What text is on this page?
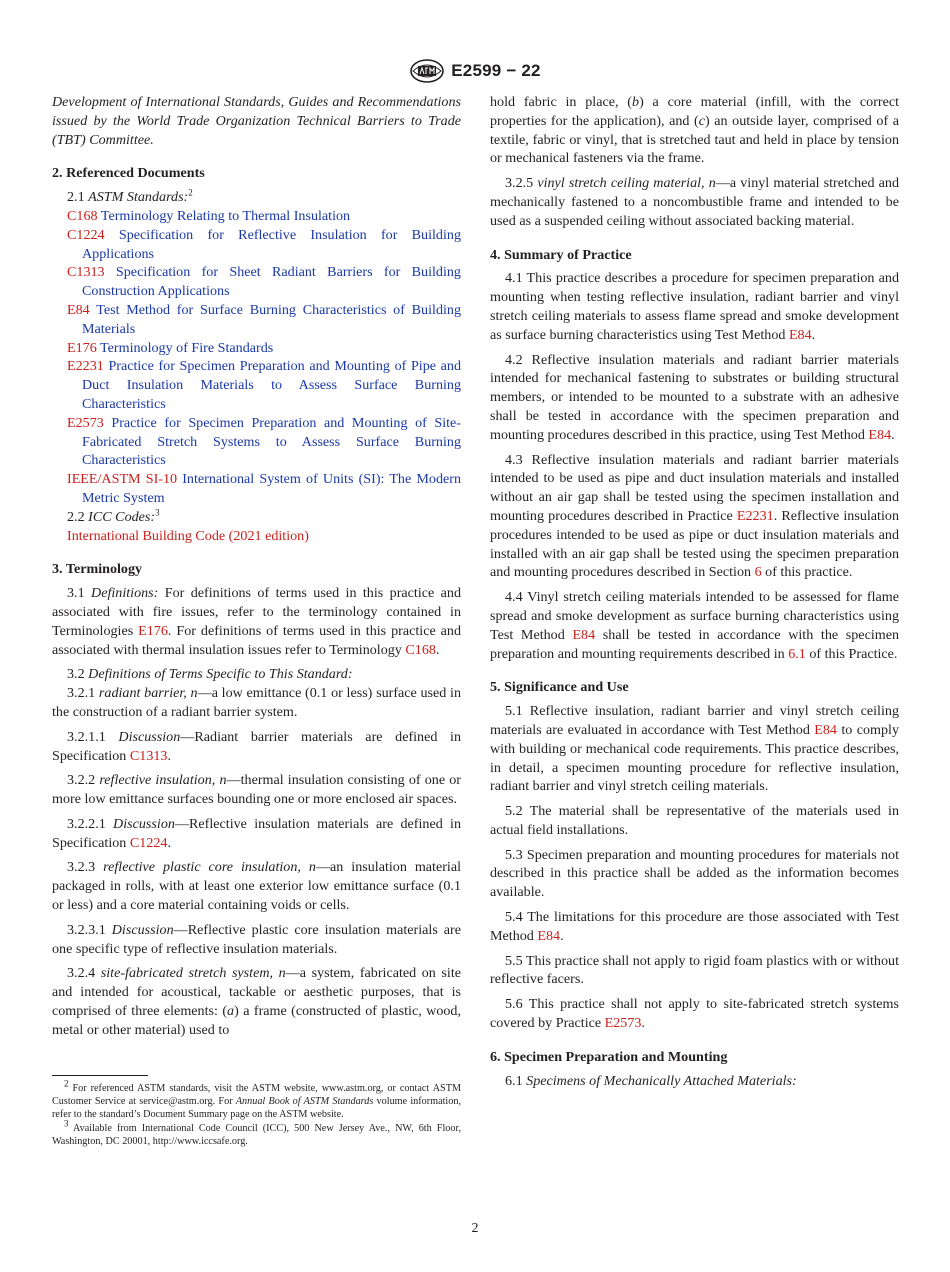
E2599 − 22

Development of International Standards, Guides and Recommendations issued by the World Trade Organization Technical Barriers to Trade (TBT) Committee.

2. Referenced Documents

2.1 ASTM Standards:$^2$

C168 Terminology Relating to Thermal Insulation

C1224 Specification for Reflective Insulation for Building Applications

C1313 Specification for Sheet Radiant Barriers for Building Construction Applications

E84 Test Method for Surface Burning Characteristics of Building Materials

E176 Terminology of Fire Standards

E2231 Practice for Specimen Preparation and Mounting of Pipe and Duct Insulation Materials to Assess Surface Burning Characteristics

E2573 Practice for Specimen Preparation and Mounting of Site-Fabricated Stretch Systems to Assess Surface Burning Characteristics

IEEE/ASTM SI-10 International System of Units (SI): The Modern Metric System

2.2 ICC Codes:$^3$

International Building Code (2021 edition)

3. Terminology

3.1 Definitions: For definitions of terms used in this practice and associated with fire issues, refer to the terminology contained in Terminologies E176. For definitions of terms used in this practice and associated with thermal insulation issues refer to Terminology C168.

3.2 Definitions of Terms Specific to This Standard:

3.2.1 radiant barrier, n—a low emittance (0.1 or less) surface used in the construction of a radiant barrier system.

3.2.1.1 Discussion—Radiant barrier materials are defined in Specification C1313.

3.2.2 reflective insulation, n—thermal insulation consisting of one or more low emittance surfaces bounding one or more enclosed air spaces.

3.2.2.1 Discussion—Reflective insulation materials are defined in Specification C1224.

3.2.3 reflective plastic core insulation, n—an insulation material packaged in rolls, with at least one exterior low emittance surface (0.1 or less) and a core material containing voids or cells.

3.2.3.1 Discussion—Reflective plastic core insulation materials are one specific type of reflective insulation materials.

3.2.4 site-fabricated stretch system, n—a system, fabricated on site and intended for acoustical, tackable or aesthetic purposes, that is comprised of three elements: (a) a frame (constructed of plastic, wood, metal or other material) used to

2 For referenced ASTM standards, visit the ASTM website, www.astm.org, or contact ASTM Customer Service at service@astm.org. For Annual Book of ASTM Standards volume information, refer to the standard’s Document Summary page on the ASTM website.

3 Available from International Code Council (ICC), 500 New Jersey Ave., NW, 6th Floor, Washington, DC 20001, http://www.iccsafe.org.

hold fabric in place, (b) a core material (infill, with the correct properties for the application), and (c) an outside layer, comprised of a textile, fabric or vinyl, that is stretched taut and held in place by tension or mechanical fasteners via the frame.

3.2.5 vinyl stretch ceiling material, n—a vinyl material stretched and mechanically fastened to a noncombustible frame and intended to be used as a suspended ceiling without associated backing material.

4. Summary of Practice

4.1 This practice describes a procedure for specimen preparation and mounting when testing reflective insulation, radiant barrier and vinyl stretch ceiling materials to assess flame spread and smoke development as surface burning characteristics using Test Method E84.

4.2 Reflective insulation materials and radiant barrier materials intended for mechanical fastening to substrates or building structural members, or intended to be mounted to a substrate with an adhesive shall be tested in accordance with the specimen preparation and mounting procedures described in this practice, using Test Method E84.

4.3 Reflective insulation materials and radiant barrier materials intended to be used as pipe and duct insulation materials and installed without an air gap shall be tested using the specimen installation and mounting procedures described in Practice E2231. Reflective insulation procedures intended to be used as pipe or duct insulation materials and installed with an air gap shall be tested using the specimen preparation and mounting procedures described in Section 6 of this practice.

4.4 Vinyl stretch ceiling materials intended to be assessed for flame spread and smoke development as surface burning characteristics using Test Method E84 shall be tested in accordance with the specimen preparation and mounting requirements described in 6.1 of this Practice.

5. Significance and Use

5.1 Reflective insulation, radiant barrier and vinyl stretch ceiling materials are evaluated in accordance with Test Method E84 to comply with building or mechanical code requirements. This practice describes, in detail, a specimen mounting procedure for reflective insulation, radiant barrier and vinyl stretch ceiling materials.

5.2 The material shall be representative of the materials used in actual field installations.

5.3 Specimen preparation and mounting procedures for materials not described in this practice shall be added as the information becomes available.

5.4 The limitations for this procedure are those associated with Test Method E84.

5.5 This practice shall not apply to rigid foam plastics with or without reflective facers.

5.6 This practice shall not apply to site-fabricated stretch systems covered by Practice E2573.

6. Specimen Preparation and Mounting

6.1 Specimens of Mechanically Attached Materials:

2
